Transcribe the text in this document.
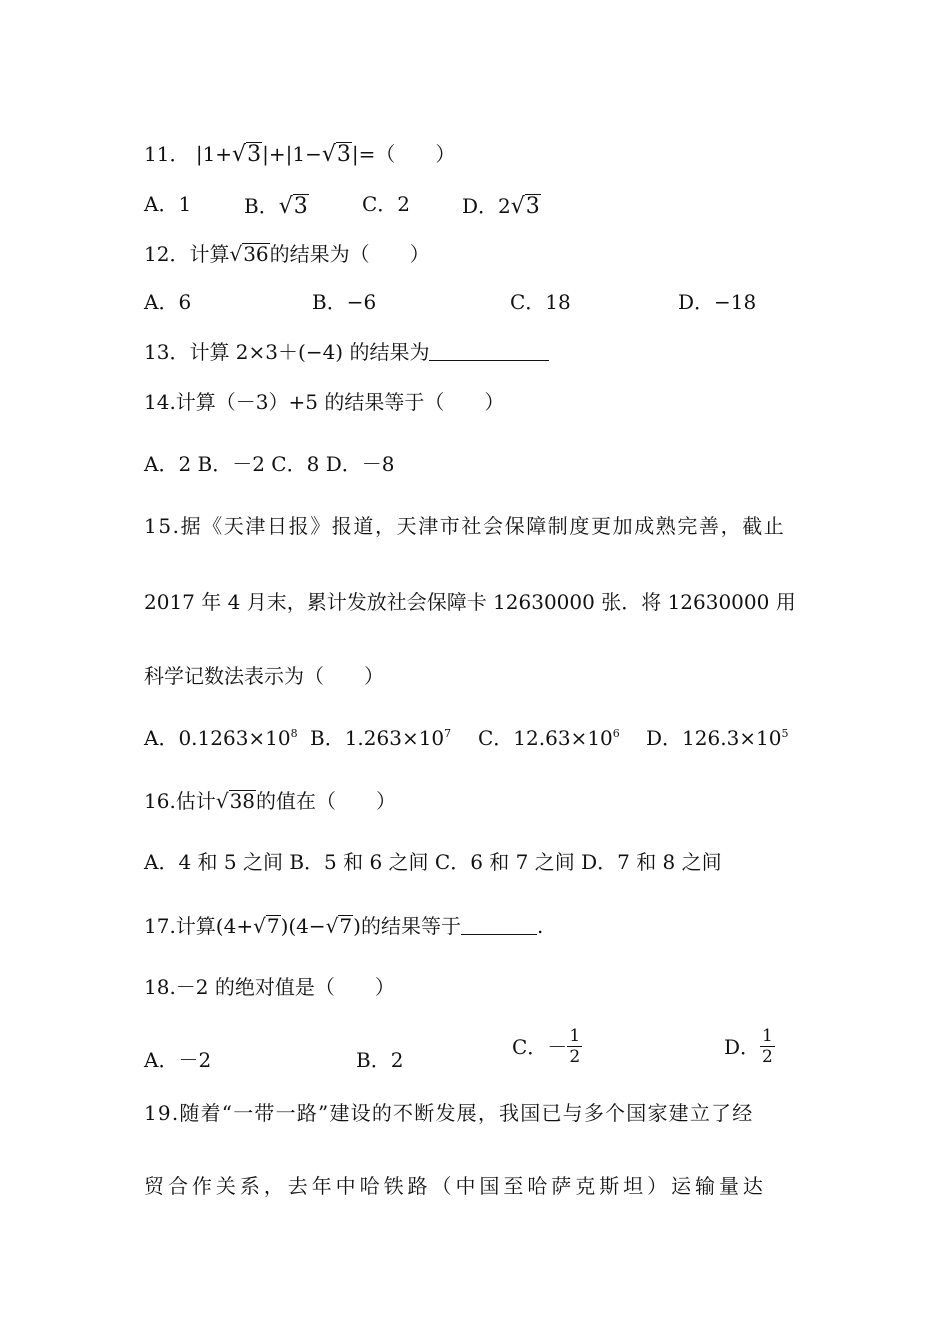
11． |1+√3|+|1−√3|=（　　）
A．1	B．√3	C．2	D．2√3
12．计算√36的结果为（　　）
A．6	B．−6	C．18	D．−18
13．计算 2×3＋(−4) 的结果为
14.计算（－3）+5 的结果等于（　　）
A．2 B．－2 C．8 D．－8
15.据《天津日报》报道，天津市社会保障制度更加成熟完善，截止
2017 年 4 月末，累计发放社会保障卡 12630000 张．将 12630000 用
科学记数法表示为（　　）
A．$0.1263\times 10^8$ B．$1.263\times 10^7$ C．$12.63\times 10^6$ D．$126.3\times 10^5$
16.估计√38的值在（　　）
A．4 和 5 之间 B．5 和 6 之间 C．6 和 7 之间 D．7 和 8 之间
17.计算(4+√7)(4−√7)的结果等于	.
18.－2 的绝对值是（　　）
A．－2	B．2
C．－ $\frac{1}{2}$	D． $\frac{1}{2}$
19.随着“一带一路”建设的不断发展，我国已与多个国家建立了经
贸 合 作 关 系 ， 去 年 中 哈 铁 路 （ 中 国 至 哈 萨 克 斯 坦 ） 运 输 量 达
